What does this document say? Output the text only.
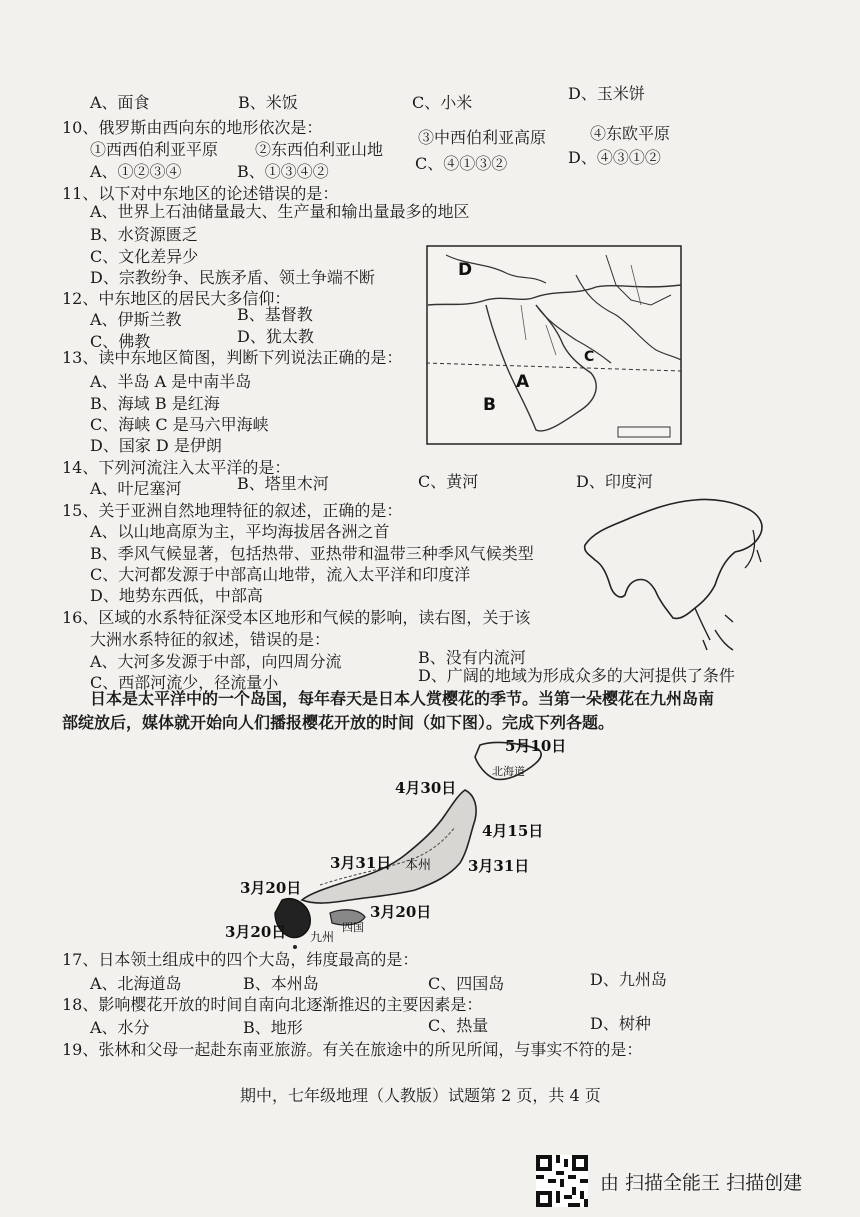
A、面食	B、米饭	C、小米	D、玉米饼
10、俄罗斯由西向东的地形依次是：
①西西伯利亚平原 ②东西伯利亚山地
③中西伯利亚高原	④东欧平原
A、①②③④	B、①③④②	C、④①③②	D、④③①②
11、以下对中东地区的论述错误的是：
A、世界上石油储量最大、生产量和输出量最多的地区
B、水资源匮乏
C、文化差异少
D、宗教纷争、民族矛盾、领土争端不断
12、中东地区的居民大多信仰：
A、伊斯兰教	B、基督教
C、佛教	D、犹太教
13、读中东地区简图，判断下列说法正确的是：
A、半岛 A 是中南半岛
B、海域 B 是红海
C、海峡 C 是马六甲海峡
D、国家 D 是伊朗
D
A
B
C
14、下列河流注入太平洋的是：
A、叶尼塞河	B、塔里木河	C、黄河	D、印度河
15、关于亚洲自然地理特征的叙述，正确的是：
A、以山地高原为主，平均海拔居各洲之首
B、季风气候显著，包括热带、亚热带和温带三种季风气候类型
C、大河都发源于中部高山地带，流入太平洋和印度洋
D、地势东西低，中部高
16、区域的水系特征深受本区地形和气候的影响，读右图，关于该
大洲水系特征的叙述，错误的是：
A、大河多发源于中部，向四周分流	B、没有内流河
C、西部河流少，径流量小	D、广阔的地域为形成众多的大河提供了条件
日本是太平洋中的一个岛国，每年春天是日本人赏樱花的季节。当第一朵樱花在九州岛南
部绽放后，媒体就开始向人们播报樱花开放的时间（如下图）。完成下列各题。
5月10日
4月30日
4月15日
3月31日	3月31日
3月20日
3月20日
3月20日
北海道
本州
四国
九州
17、日本领土组成中的四个大岛，纬度最高的是：
A、北海道岛	B、本州岛	C、四国岛	D、九州岛
18、影响樱花开放的时间自南向北逐渐推迟的主要因素是：
A、水分	B、地形	C、热量	D、树种
19、张林和父母一起赴东南亚旅游。有关在旅途中的所见所闻，与事实不符的是：
期中，七年级地理（人教版）试题第 2 页，共 4 页
由 扫描全能王 扫描创建
